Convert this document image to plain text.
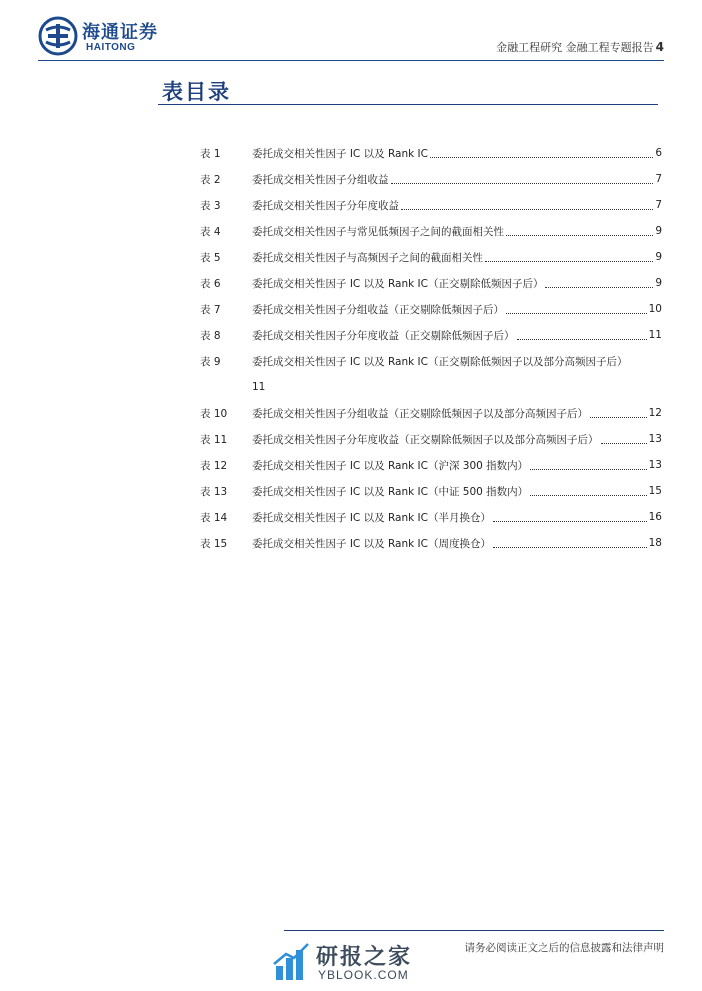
海通证券
HAITONG	金融工程研究 金融工程专题报告 4
表目录
表 1	委托成交相关性因子 IC 以及 Rank IC	6
表 2	委托成交相关性因子分组收益	7
表 3	委托成交相关性因子分年度收益	7
表 4	委托成交相关性因子与常见低频因子之间的截面相关性	9
表 5	委托成交相关性因子与高频因子之间的截面相关性	9
表 6	委托成交相关性因子 IC 以及 Rank IC（正交剔除低频因子后）	9
表 7	委托成交相关性因子分组收益（正交剔除低频因子后）	10
表 8	委托成交相关性因子分年度收益（正交剔除低频因子后）	11
表 9	委托成交相关性因子 IC 以及 Rank IC（正交剔除低频因子以及部分高频因子后）
11
表 10	委托成交相关性因子分组收益（正交剔除低频因子以及部分高频因子后）	12
表 11	委托成交相关性因子分年度收益（正交剔除低频因子以及部分高频因子后）	13
表 12	委托成交相关性因子 IC 以及 Rank IC（沪深 300 指数内）	13
表 13	委托成交相关性因子 IC 以及 Rank IC（中证 500 指数内）	15
表 14	委托成交相关性因子 IC 以及 Rank IC（半月换仓）	16
表 15	委托成交相关性因子 IC 以及 Rank IC（周度换仓）	18
研报之家
YBLOOK.COM
请务必阅读正文之后的信息披露和法律声明
